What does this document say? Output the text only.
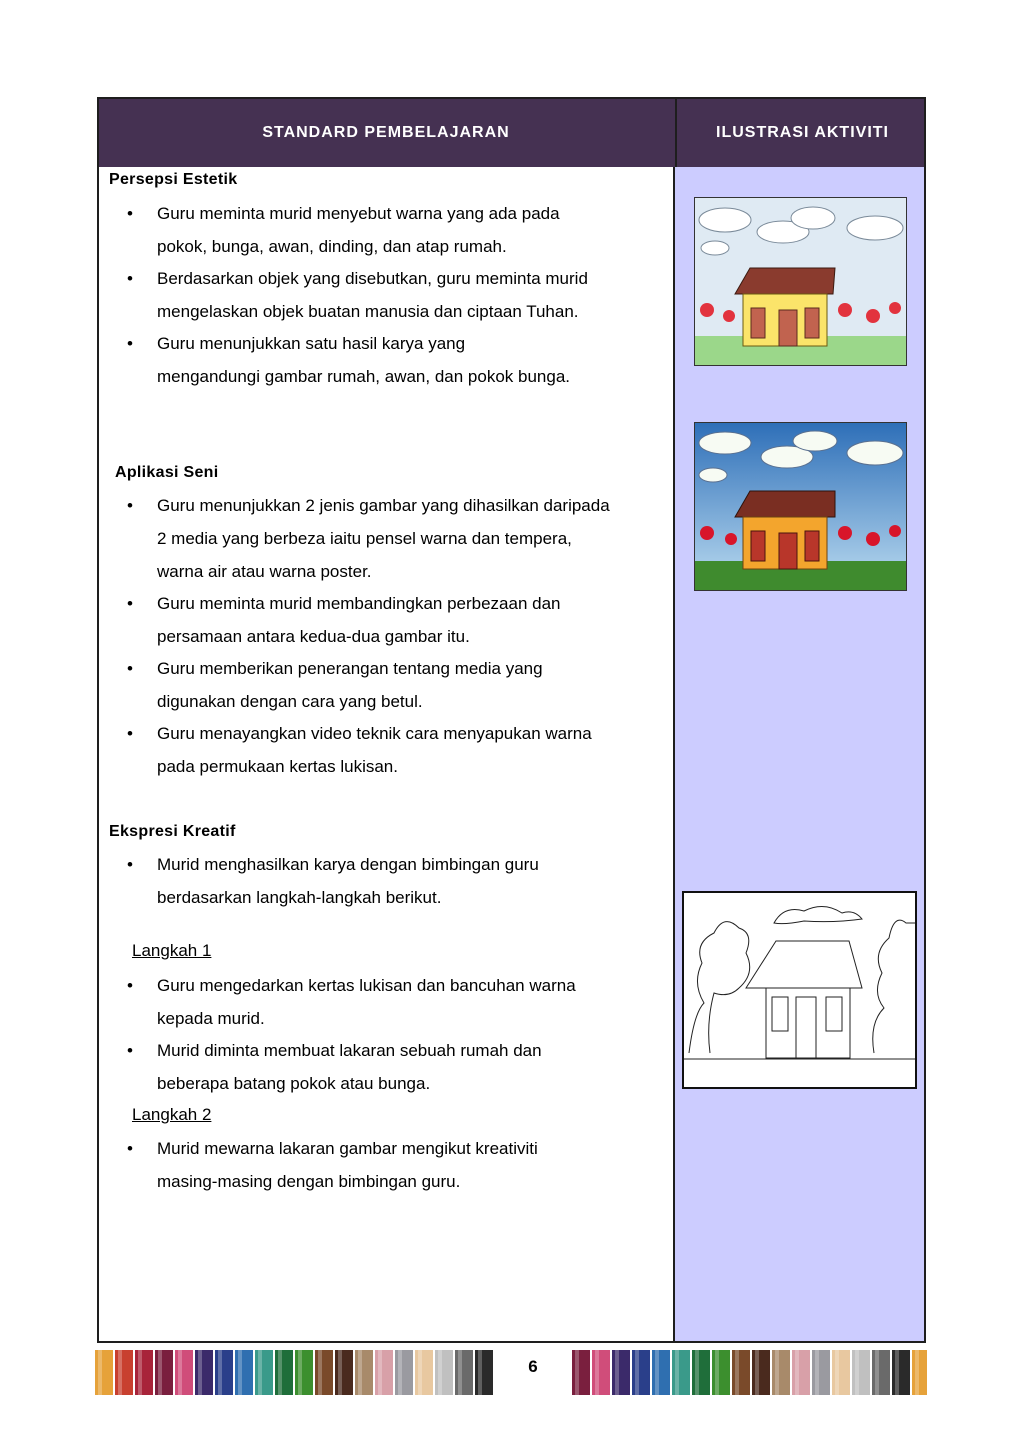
STANDARD PEMBELAJARAN	ILUSTRASI AKTIVITI
Persepsi Estetik
• Guru meminta murid menyebut warna yang ada pada
pokok, bunga, awan, dinding, dan atap rumah.
• Berdasarkan objek yang disebutkan, guru meminta murid
mengelaskan objek buatan manusia dan ciptaan Tuhan.
• Guru menunjukkan satu hasil karya yang
mengandungi gambar rumah, awan, dan pokok bunga.
Aplikasi Seni
• Guru menunjukkan 2 jenis gambar yang dihasilkan daripada
2 media yang berbeza iaitu pensel warna dan tempera,
warna air atau warna poster.
• Guru meminta murid membandingkan perbezaan dan
persamaan antara kedua-dua gambar itu.
• Guru memberikan penerangan tentang media yang
digunakan dengan cara yang betul.
• Guru menayangkan video teknik cara menyapukan warna
pada permukaan kertas lukisan.
Ekspresi Kreatif
• Murid menghasilkan karya dengan bimbingan guru
berdasarkan langkah-langkah berikut.
Langkah 1
• Guru mengedarkan kertas lukisan dan bancuhan warna
kepada murid.
• Murid diminta membuat lakaran sebuah rumah dan
beberapa batang pokok atau bunga.
Langkah 2
• Murid mewarna lakaran gambar mengikut kreativiti
masing-masing dengan bimbingan guru.
6
